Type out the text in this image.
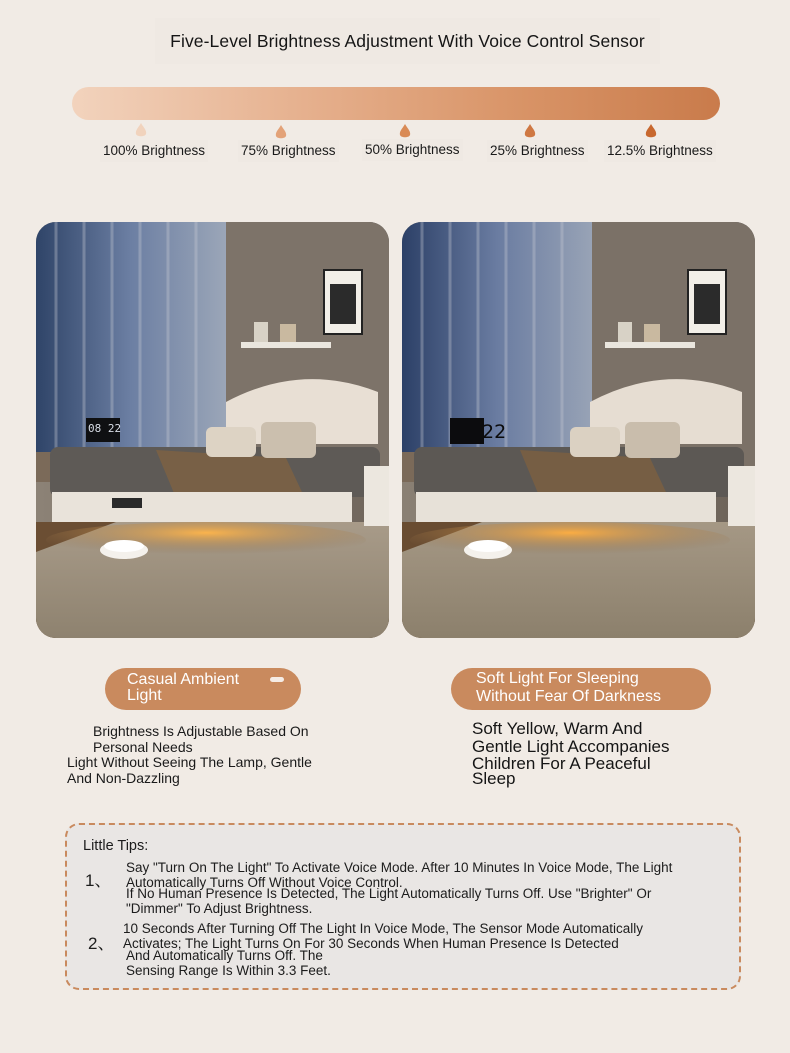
Five-Level Brightness Adjustment With Voice Control Sensor
100% Brightness	75% Brightness 50% Brightness 25% Brightness 12.5% Brightness
08 22	22
Casual Ambient
Light
Brightness Is Adjustable Based On
Personal Needs
Light Without Seeing The Lamp, Gentle
And Non-Dazzling
Soft Light For Sleeping
Without Fear Of Darkness
Soft Yellow, Warm And
Gentle Light Accompanies
Children For A Peaceful
Sleep
Little Tips:
1、
Say "Turn On The Light" To Activate Voice Mode. After 10 Minutes In Voice Mode, The Light
Automatically Turns Off Without Voice Control.
If No Human Presence Is Detected, The Light Automatically Turns Off. Use "Brighter" Or
"Dimmer" To Adjust Brightness.
2、
10 Seconds After Turning Off The Light In Voice Mode, The Sensor Mode Automatically
Activates; The Light Turns On For 30 Seconds When Human Presence Is Detected
And Automatically Turns Off. The
Sensing Range Is Within 3.3 Feet.
